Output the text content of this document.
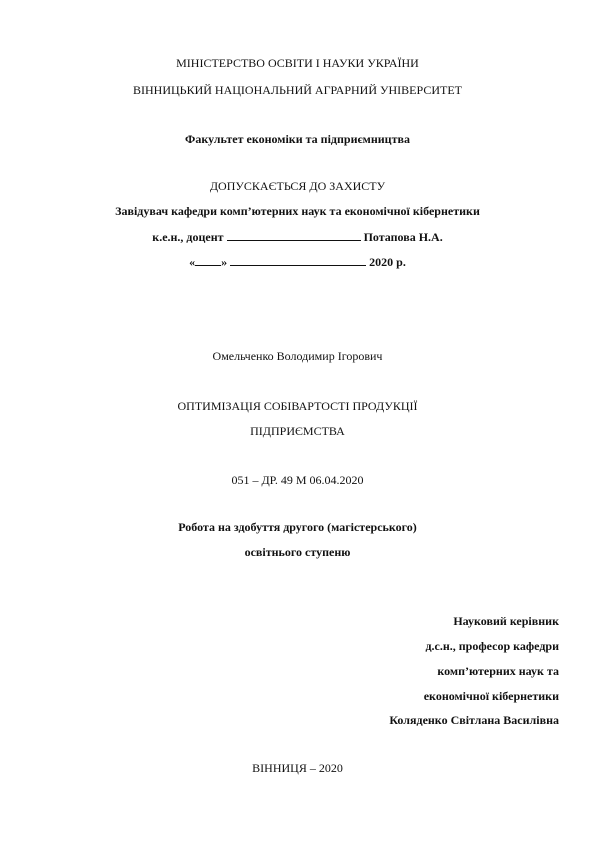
МІНІСТЕРСТВО ОСВІТИ І НАУКИ УКРАЇНИ
ВІННИЦЬКИЙ НАЦІОНАЛЬНИЙ АГРАРНИЙ УНІВЕРСИТЕТ
Факультет економіки та підприємництва
ДОПУСКАЄТЬСЯ ДО ЗАХИСТУ
Завідувач кафедри комп’ютерних наук та економічної кібернетики
к.е.н., доцент	Потапова Н.А.
« »	2020 р.
Омельченко Володимир Ігорович
ОПТИМІЗАЦІЯ СОБІВАРТОСТІ ПРОДУКЦІЇ
ПІДПРИЄМСТВА
051 – ДР. 49 М 06.04.2020
Робота на здобуття другого (магістерського)
освітнього ступеню
Науковий керівник
д.с.н., професор кафедри
комп’ютерних наук та
економічної кібернетики
Коляденко Світлана Василівна
ВІННИЦЯ – 2020
